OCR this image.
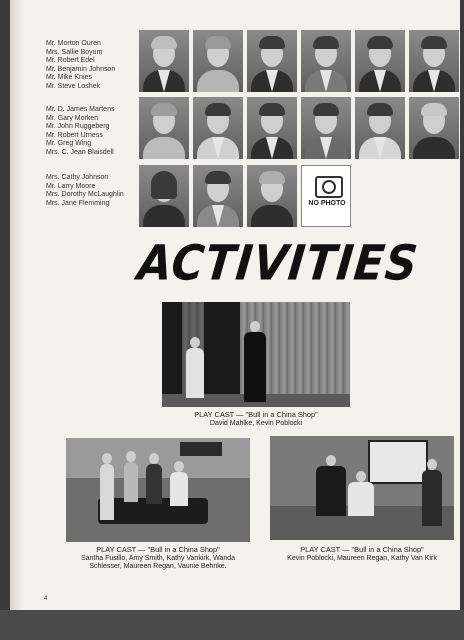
Mr. Morton Ouren
Mrs. Sallie Boyum
Mr. Robert Edel
Mr. Benjamin Johnson
Mr. Mike Knies
Mr. Steve Loshek
Mr. D. James Martens
Mr. Gary Morken
Mr. John Ruggeberg
Mr. Robert Urness
Mr. Greg Wing
Mrs. C. Jean Blaisdell
Mrs. Cathy Johnson
Mr. Larry Moore
Mrs. Dorothy McLaughlin
Mrs. Jane Flemming	NO PHOTO
ACTIVITIES
PLAY CAST — "Bull in a China Shop"
David Mahlke, Kevin Poblocki
PLAY CAST — "Bull in a China Shop"
Santha Fusillo, Amy Smith, Kathy Vankirk, Wanda Schlesser, Maureen Regan, Vaunie Behnke.
PLAY CAST — "Bull in a China Shop"
Kevin Poblocki, Maureen Regan, Kathy Van Kirk
4
